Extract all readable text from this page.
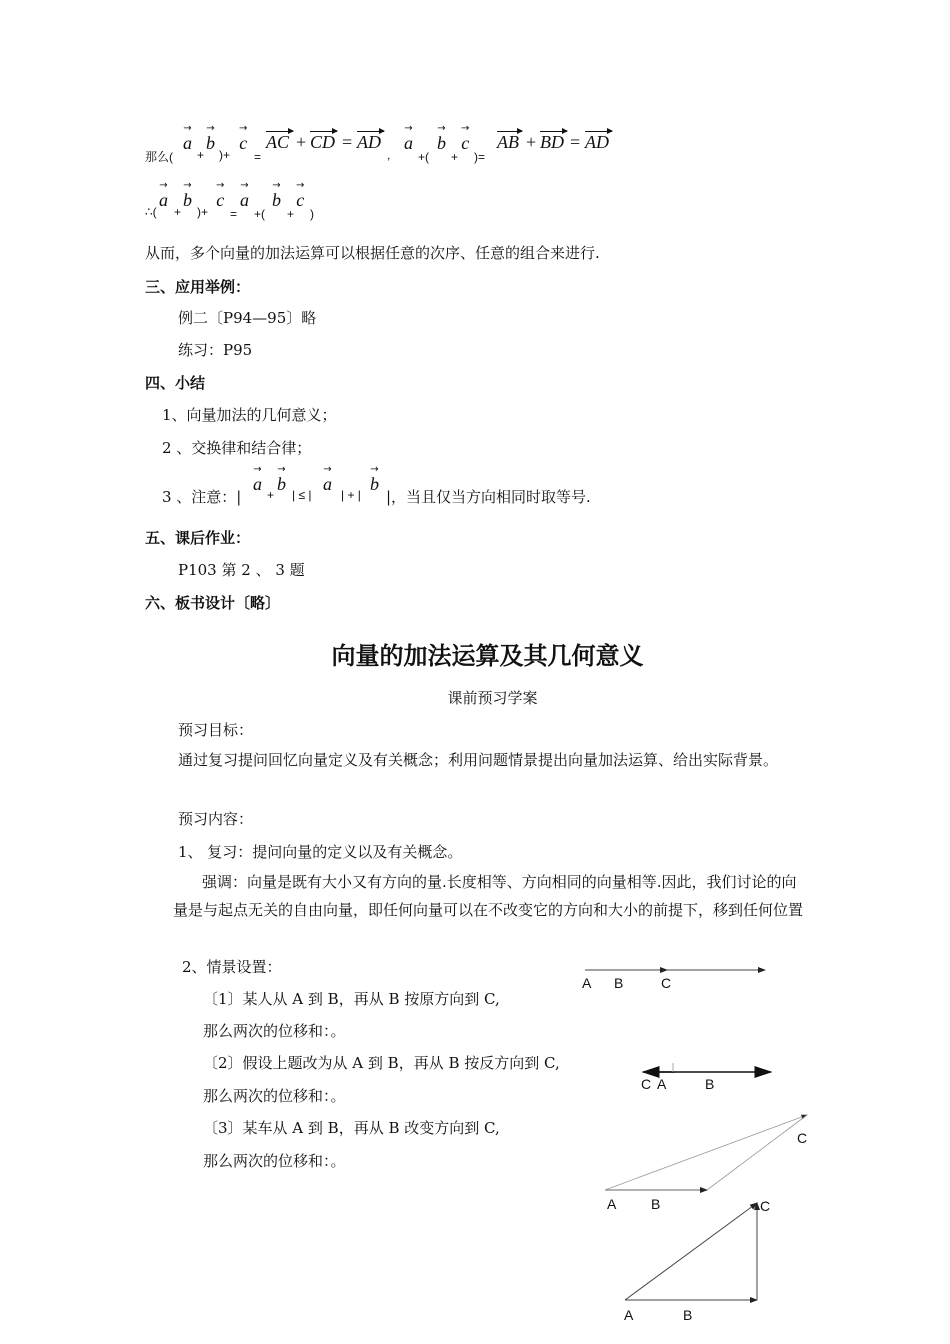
那么(
→
a
+
→
b
)+
→
c
=
AC + CD = AD
,
→
a
+(
→
b
+
→
c
)=
AB + BD = AD
∴(
→
a
+
→
b
)+
→
c
=
→
a
+(
→
b
+
→
c
)
从而，多个向量的加法运算可以根据任意的次序、任意的组合来进行.
三、应用举例：
例二〔P94—95〕略
练习：P95
四、小结
1、向量加法的几何意义；
2 、交换律和结合律；
3 、注意：|
→
a
+
→
b
| ≤ |
→
a
| + |
→
b
|，当且仅当方向相同时取等号.
五、课后作业：
P103 第 2 、 3 题
六、板书设计〔略〕
向量的加法运算及其几何意义
课前预习学案
预习目标：
通过复习提问回忆向量定义及有关概念；利用问题情景提出向量加法运算、给出实际背景。
预习内容：
1、 复习：提问向量的定义以及有关概念。
强调：向量是既有大小又有方向的量.长度相等、方向相同的向量相等.因此，我们讨论的向量是与起点无关的自由向量，即任何向量可以在不改变它的方向和大小的前提下，移到任何位置
2、情景设置：
〔1〕某人从 A 到 B，再从 B 按原方向到 C,
那么两次的位移和：。
〔2〕假设上题改为从 A 到 B，再从 B 按反方向到 C,
那么两次的位移和：。
〔3〕某车从 A 到 B，再从 B 改变方向到 C,
那么两次的位移和：。
A B	C
C A	B
C
A B	C
A	B
